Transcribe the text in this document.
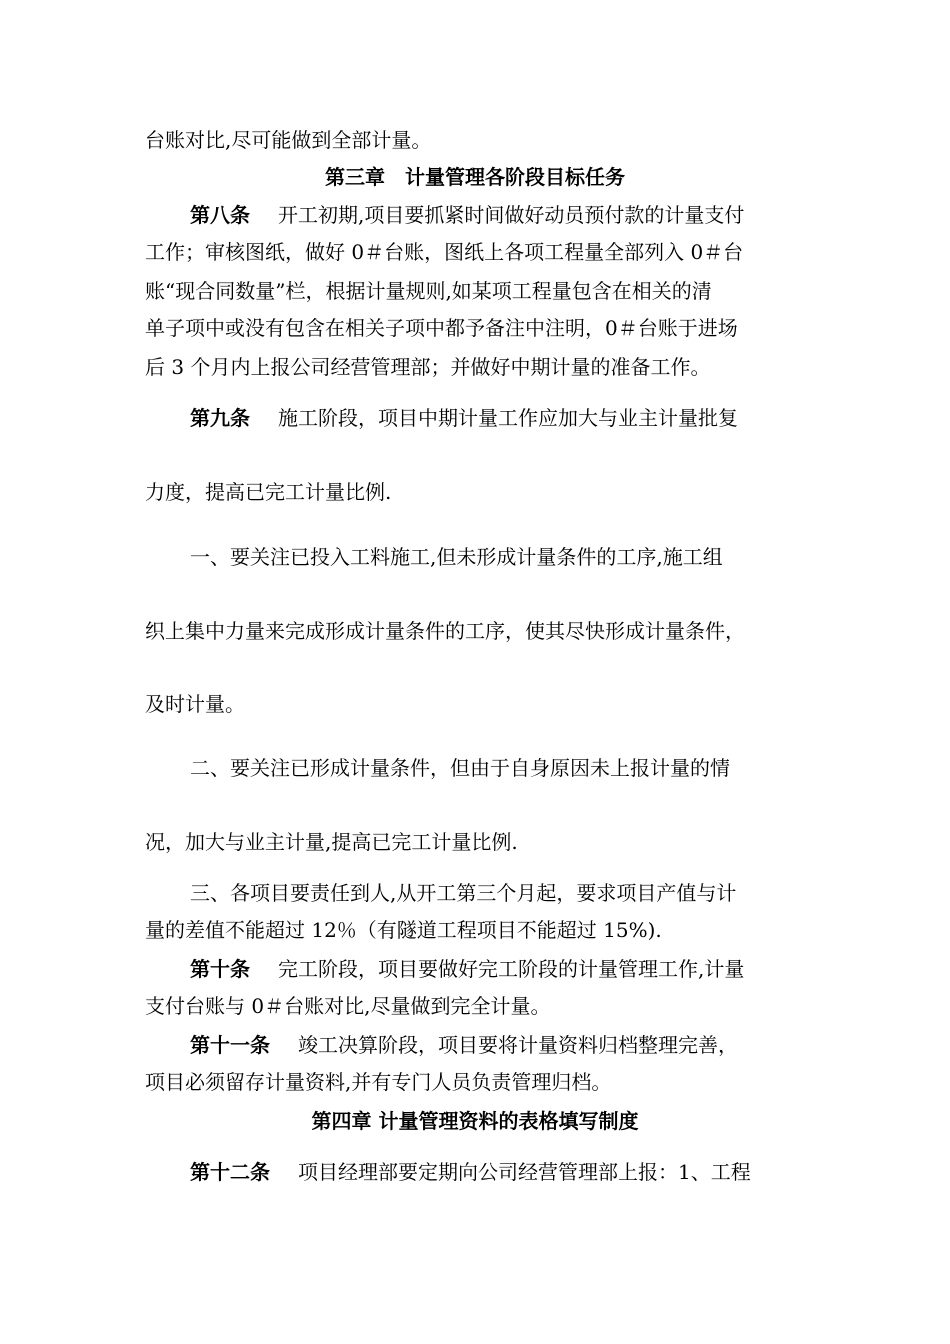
台账对比,尽可能做到全部计量。
第三章　计量管理各阶段目标任务
第八条 开工初期,项目要抓紧时间做好动员预付款的计量支付
工作；审核图纸，做好 0＃台账，图纸上各项工程量全部列入 0＃台
账“现合同数量”栏，根据计量规则,如某项工程量包含在相关的清
单子项中或没有包含在相关子项中都予备注中注明，0＃台账于进场
后 3 个月内上报公司经营管理部；并做好中期计量的准备工作。
第九条 施工阶段，项目中期计量工作应加大与业主计量批复
力度，提高已完工计量比例.
一、要关注已投入工料施工,但未形成计量条件的工序,施工组
织上集中力量来完成形成计量条件的工序，使其尽快形成计量条件，
及时计量。
二、要关注已形成计量条件，但由于自身原因未上报计量的情
况，加大与业主计量,提高已完工计量比例.
三、各项目要责任到人,从开工第三个月起，要求项目产值与计
量的差值不能超过 12％（有隧道工程项目不能超过 15%).
第十条 完工阶段，项目要做好完工阶段的计量管理工作,计量
支付台账与 0＃台账对比,尽量做到完全计量。
第十一条 竣工决算阶段，项目要将计量资料归档整理完善，
项目必须留存计量资料,并有专门人员负责管理归档。
第四章 计量管理资料的表格填写制度
第十二条 项目经理部要定期向公司经营管理部上报：1、工程
